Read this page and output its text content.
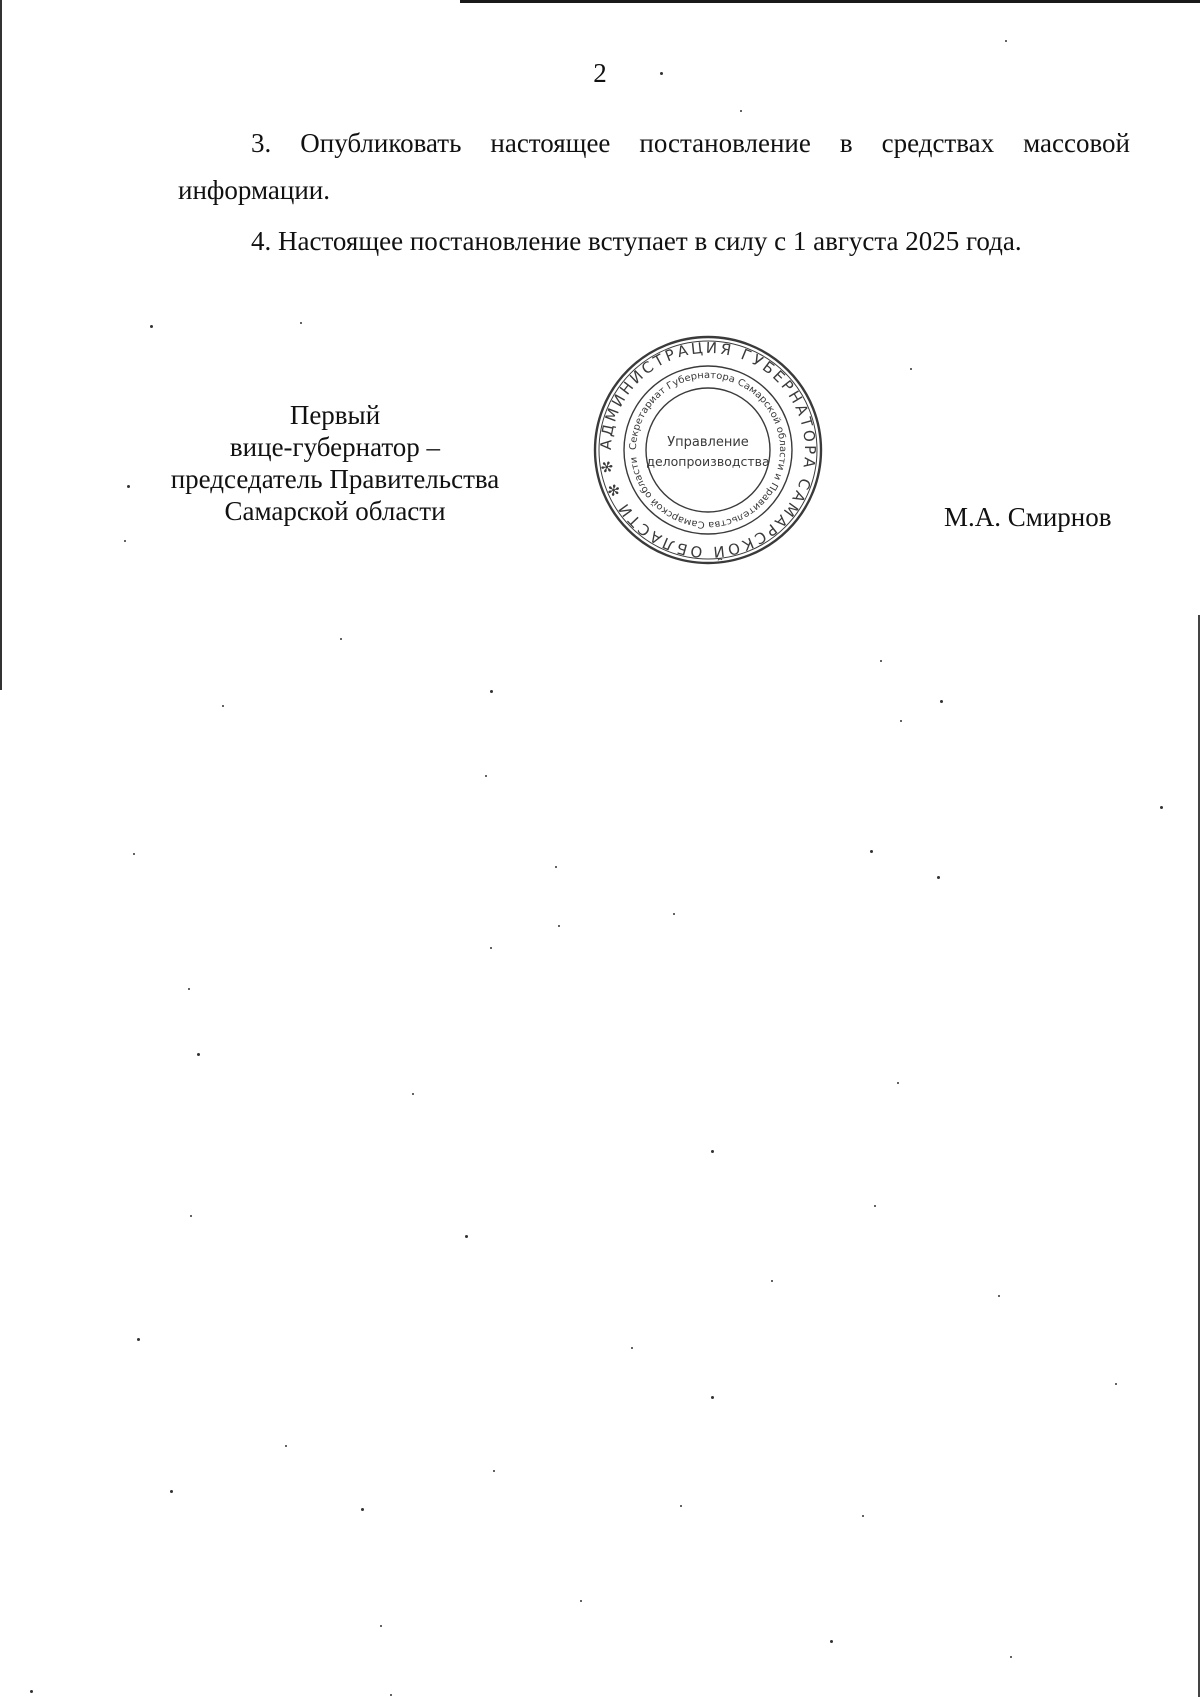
2

3. Опубликовать настоящее постановление в средствах массовой информации.

4. Настоящее постановление вступает в силу с 1 августа 2025 года.

Первый
вице-губернатор –
председатель Правительства
Самарской области
АДМИНИСТРАЦИЯ ГУБЕРНАТОРА САМАРСКОЙ ОБЛАСТИ ✻ ✻
Секретариат Губернатора Самарской области и Правительства Самарской области
Управление
делопроизводства
М.А. Смирнов
